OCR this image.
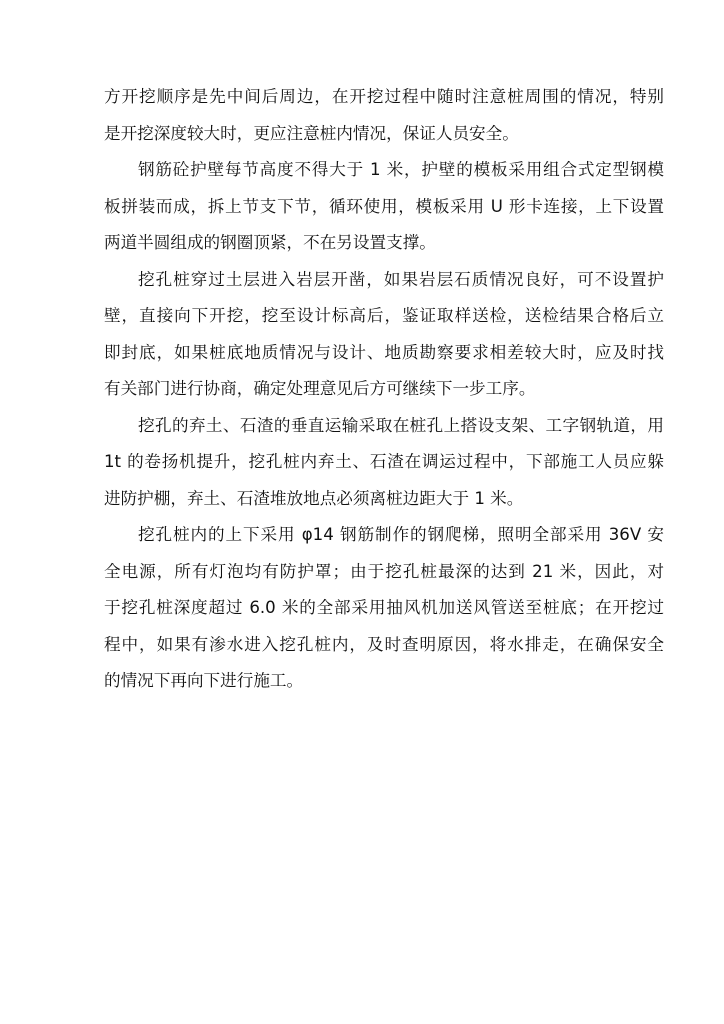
方开挖顺序是先中间后周边，在开挖过程中随时注意桩周围的情况，特别
是开挖深度较大时，更应注意桩内情况，保证人员安全。
钢筋砼护壁每节高度不得大于 1 米，护壁的模板采用组合式定型钢模
板拼装而成，拆上节支下节，循环使用，模板采用 U 形卡连接，上下设置
两道半圆组成的钢圈顶紧，不在另设置支撑。
挖孔桩穿过土层进入岩层开凿，如果岩层石质情况良好，可不设置护
壁，直接向下开挖，挖至设计标高后，鉴证取样送检，送检结果合格后立
即封底，如果桩底地质情况与设计、地质勘察要求相差较大时，应及时找
有关部门进行协商，确定处理意见后方可继续下一步工序。
挖孔的弃土、石渣的垂直运输采取在桩孔上搭设支架、工字钢轨道，用
1t 的卷扬机提升，挖孔桩内弃土、石渣在调运过程中，下部施工人员应躲
进防护棚，弃土、石渣堆放地点必须离桩边距大于 1 米。
挖孔桩内的上下采用 φ14 钢筋制作的钢爬梯，照明全部采用 36V 安
全电源，所有灯泡均有防护罩；由于挖孔桩最深的达到 21 米，因此，对
于挖孔桩深度超过 6.0 米的全部采用抽风机加送风管送至桩底；在开挖过
程中，如果有渗水进入挖孔桩内，及时查明原因，将水排走，在确保安全
的情况下再向下进行施工。
